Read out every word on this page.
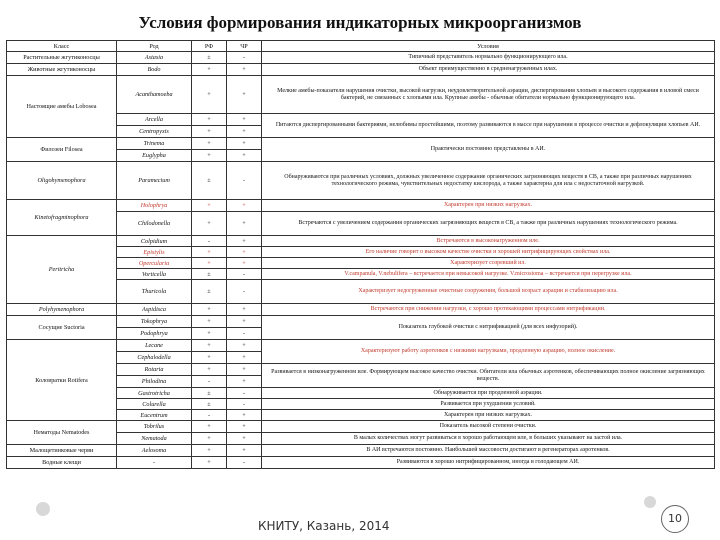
Условия формирования индикаторных микроорганизмов
Класс	Род	РФ	ЧР	Условия
Растительные жгутиконосцы	Astasia	±	-	Типичный представитель нормально функционирующего ила.
Животные жгутиконосцы	Bodo	+	+	Объект преимущественно в средненагруженных илах.
Настоящие амебы Lobosea	Acanthamoeba	+	+	Мелкие амебы-показатели нарушения очистки, высокой нагрузки, неудовлетворительной аэрации, диспергирования хлопьев и высокого содержания в иловой смеси бактерий, не связанных с хлопьями ила. Крупные амебы - обычные обитатели нормально функционирующего ила.
	Arcella	+	+	Питаются диспергированными бактериями, нелюбимы простейшими, поэтому развиваются в массе при нарушении в процессе очистки и дефлокуляции хлопьев АИ.
	Centropyxis	+	+	
Филозеи Filosea	Trinema	+	+	Практически постоянно представлены в АИ.
	Euglypha	+	+	
Oligohymenophora	Paramecium	±	-	Обнаруживаются при различных условиях, должных увеличенное содержание органических загрязняющих веществ в СВ, а также при различных нарушениях технологического режима, чувствительных недостатку кислорода, а также характерна для ила с недостаточной нагрузкой.
Kinetofragminophora	Holophrya	+	+	Характерен при низких нагрузках.
	Chilodonella	+	+	Встречаются с увеличением содержания органических загрязняющих веществ в СВ, а также при различных нарушениях технологического режима.
Peritricha	Colpidium	-	+	Встречаются в высоконагруженном иле.
	Epistylis	+	+	Его наличие говорит о высоком качестве очистки и хорошей нитрифицирующих свойствах ила.
	Opercularia	+	+	Характеризует созревший ил.
	Vorticella	±	-	V.campanula, V.nebulifera – встречается при невысокой нагрузке. V.microstoma – встречается при перегрузке ила.
	Thuricola	±	-	Характеризует недогруженные очистные сооружения, большой возраст аэрации и стабилизацию ила.
Polyhymenophora	Aspidisca	+	+	Встречаются при снижении нагрузки, с хорошо протекающими процессами нитрификации.
Сосущие Suctoria	Tokophrya	+	+	Показатель глубокой очистки с нитрификацией (для всех инфузорий).
	Podophrya	+	-	
Коловратки Rotifera	Lecane	+	+	Характеризуют работу аэротенков с низкими нагрузками, продленную аэрацию, полное окисление.
	Cephalodella	+	+	
	Rotaria	+	+	Развивается в низконагруженном иле. Формирующем высокое качество очистки. Обитатели ила обычных аэротенков, обеспечивающих полное окисление загрязняющих веществ.
	Philodina	-	+	
	Gastrotricha	±	-	Обнаруживается при продленной аэрации.
	Colurella	±	-	Развивается при ухудшении условий.
	Euсentrum	-	+	Характерен при низких нагрузках.
Нематоды Nematodes	Tobrilus	+	+	Показатель высокой степени очистки.
	Nematoda	+	+	В малых количествах могут развиваться в хорошо работающем иле, в больших указывают на застой ила.
Малощетинковые черви	Aelosoma	+	+	В АИ встречаются постоянно. Наибольшей массовости достигают в регенераторах аэротенков.
Водные клещи	-	+	-	Развиваются в хорошо нитрифицированном, иногда в голодающем АИ.
КНИТУ, Казань, 2014
10
